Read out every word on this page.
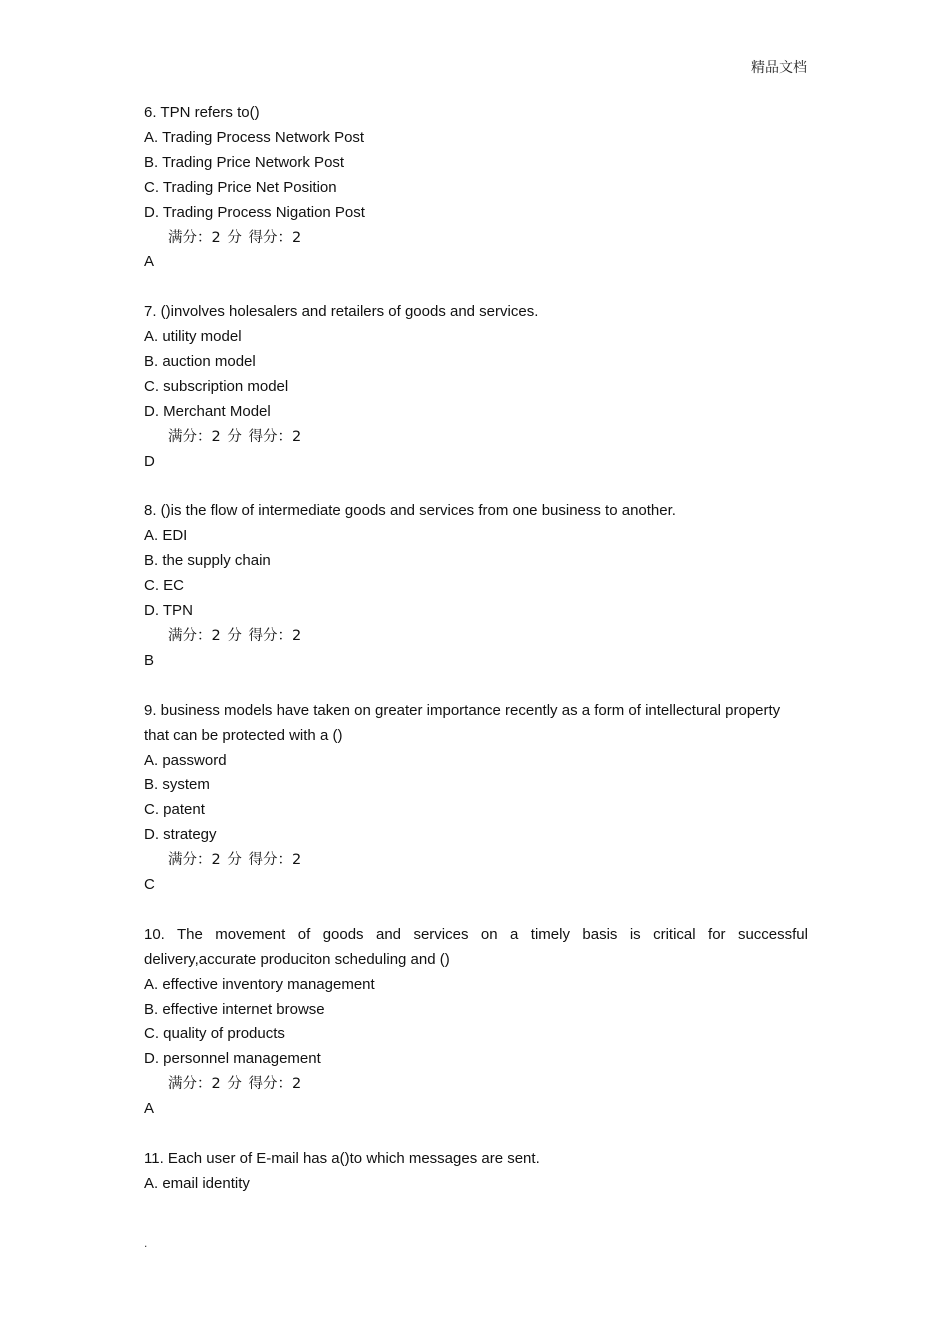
精品文档
6. TPN refers to()
A. Trading Process Network Post
B. Trading Price Network Post
C. Trading Price Net Position
D. Trading Process Nigation Post
满分：2 分 得分：2
A
7. ()involves holesalers and retailers of goods and services.
A. utility model
B. auction model
C. subscription model
D. Merchant Model
满分：2 分 得分：2
D
8. ()is the flow of intermediate goods and services from one business to another.
A. EDI
B. the supply chain
C. EC
D. TPN
满分：2 分 得分：2
B
9. business models have taken on greater importance recently as a form of intellectural property that can be protected with a ()
A. password
B. system
C. patent
D. strategy
满分：2 分 得分：2
C
10. The movement of goods and services on a timely basis is critical for successful delivery,accurate produciton scheduling and ()
A. effective inventory management
B. effective internet browse
C. quality of products
D. personnel management
满分：2 分 得分：2
A
11. Each user of E-mail has a()to which messages are sent.
A. email identity
.
